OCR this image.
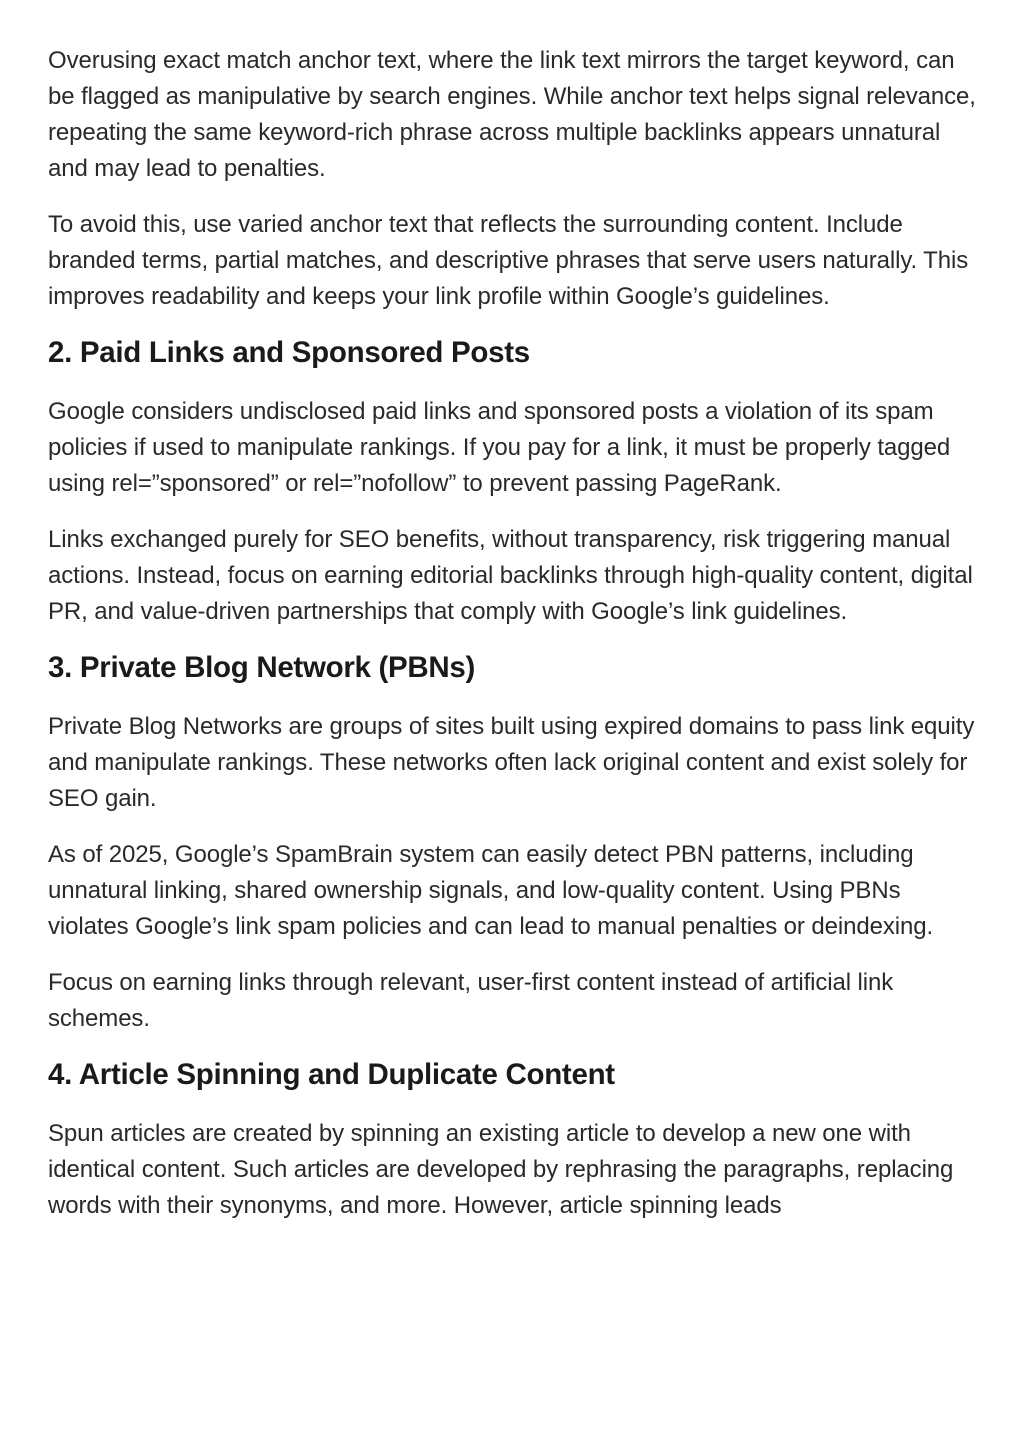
Overusing exact match anchor text, where the link text mirrors the target keyword, can be flagged as manipulative by search engines. While anchor text helps signal relevance, repeating the same keyword-rich phrase across multiple backlinks appears unnatural and may lead to penalties.

To avoid this, use varied anchor text that reflects the surrounding content. Include branded terms, partial matches, and descriptive phrases that serve users naturally. This improves readability and keeps your link profile within Google’s guidelines.

2. Paid Links and Sponsored Posts

Google considers undisclosed paid links and sponsored posts a violation of its spam policies if used to manipulate rankings. If you pay for a link, it must be properly tagged using rel=”sponsored” or rel=”nofollow” to prevent passing PageRank.

Links exchanged purely for SEO benefits, without transparency, risk triggering manual actions. Instead, focus on earning editorial backlinks through high-quality content, digital PR, and value-driven partnerships that comply with Google’s link guidelines.

3. Private Blog Network (PBNs)

Private Blog Networks are groups of sites built using expired domains to pass link equity and manipulate rankings. These networks often lack original content and exist solely for SEO gain.

As of 2025, Google’s SpamBrain system can easily detect PBN patterns, including unnatural linking, shared ownership signals, and low-quality content. Using PBNs violates Google’s link spam policies and can lead to manual penalties or deindexing.

Focus on earning links through relevant, user-first content instead of artificial link schemes.

4. Article Spinning and Duplicate Content

Spun articles are created by spinning an existing article to develop a new one with identical content. Such articles are developed by rephrasing the paragraphs, replacing words with their synonyms, and more. However, article spinning leads
